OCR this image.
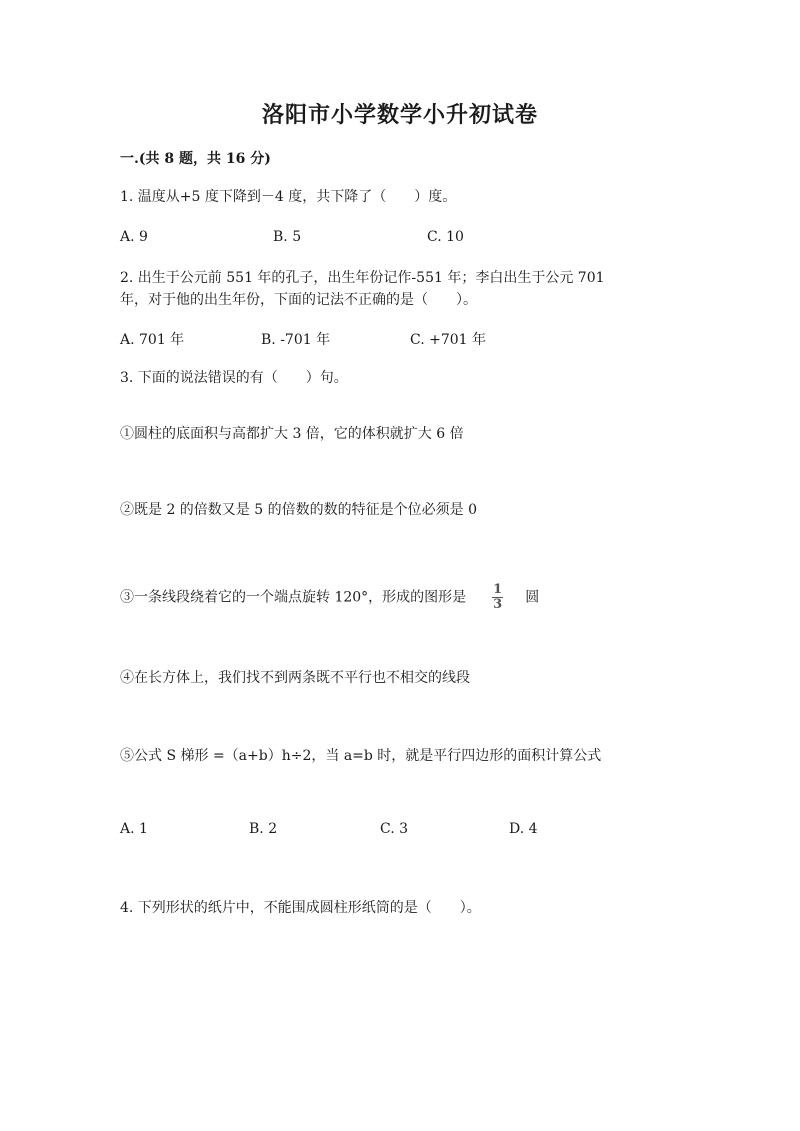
洛阳市小学数学小升初试卷
一.(共 8 题，共 16 分)
1. 温度从+5 度下降到－4 度，共下降了（　　）度。
A. 9	B. 5	C. 10
2. 出生于公元前 551 年的孔子，出生年份记作-551 年；李白出生于公元 701
年，对于他的出生年份，下面的记法不正确的是（　　）。
A. 701 年	B. -701 年	C. +701 年
3. 下面的说法错误的有（　　）句。
①圆柱的底面积与高都扩大 3 倍，它的体积就扩大 6 倍
②既是 2 的倍数又是 5 的倍数的数的特征是个位必须是 0
③一条线段绕着它的一个端点旋转 120°，形成的图形是 $\frac{1}{3}$ 圆
④在长方体上，我们找不到两条既不平行也不相交的线段
⑤公式 S 梯形 =（a+b）h÷2，当 a=b 时，就是平行四边形的面积计算公式
A. 1	B. 2	C. 3	D. 4
4. 下列形状的纸片中，不能围成圆柱形纸筒的是（　　）。
